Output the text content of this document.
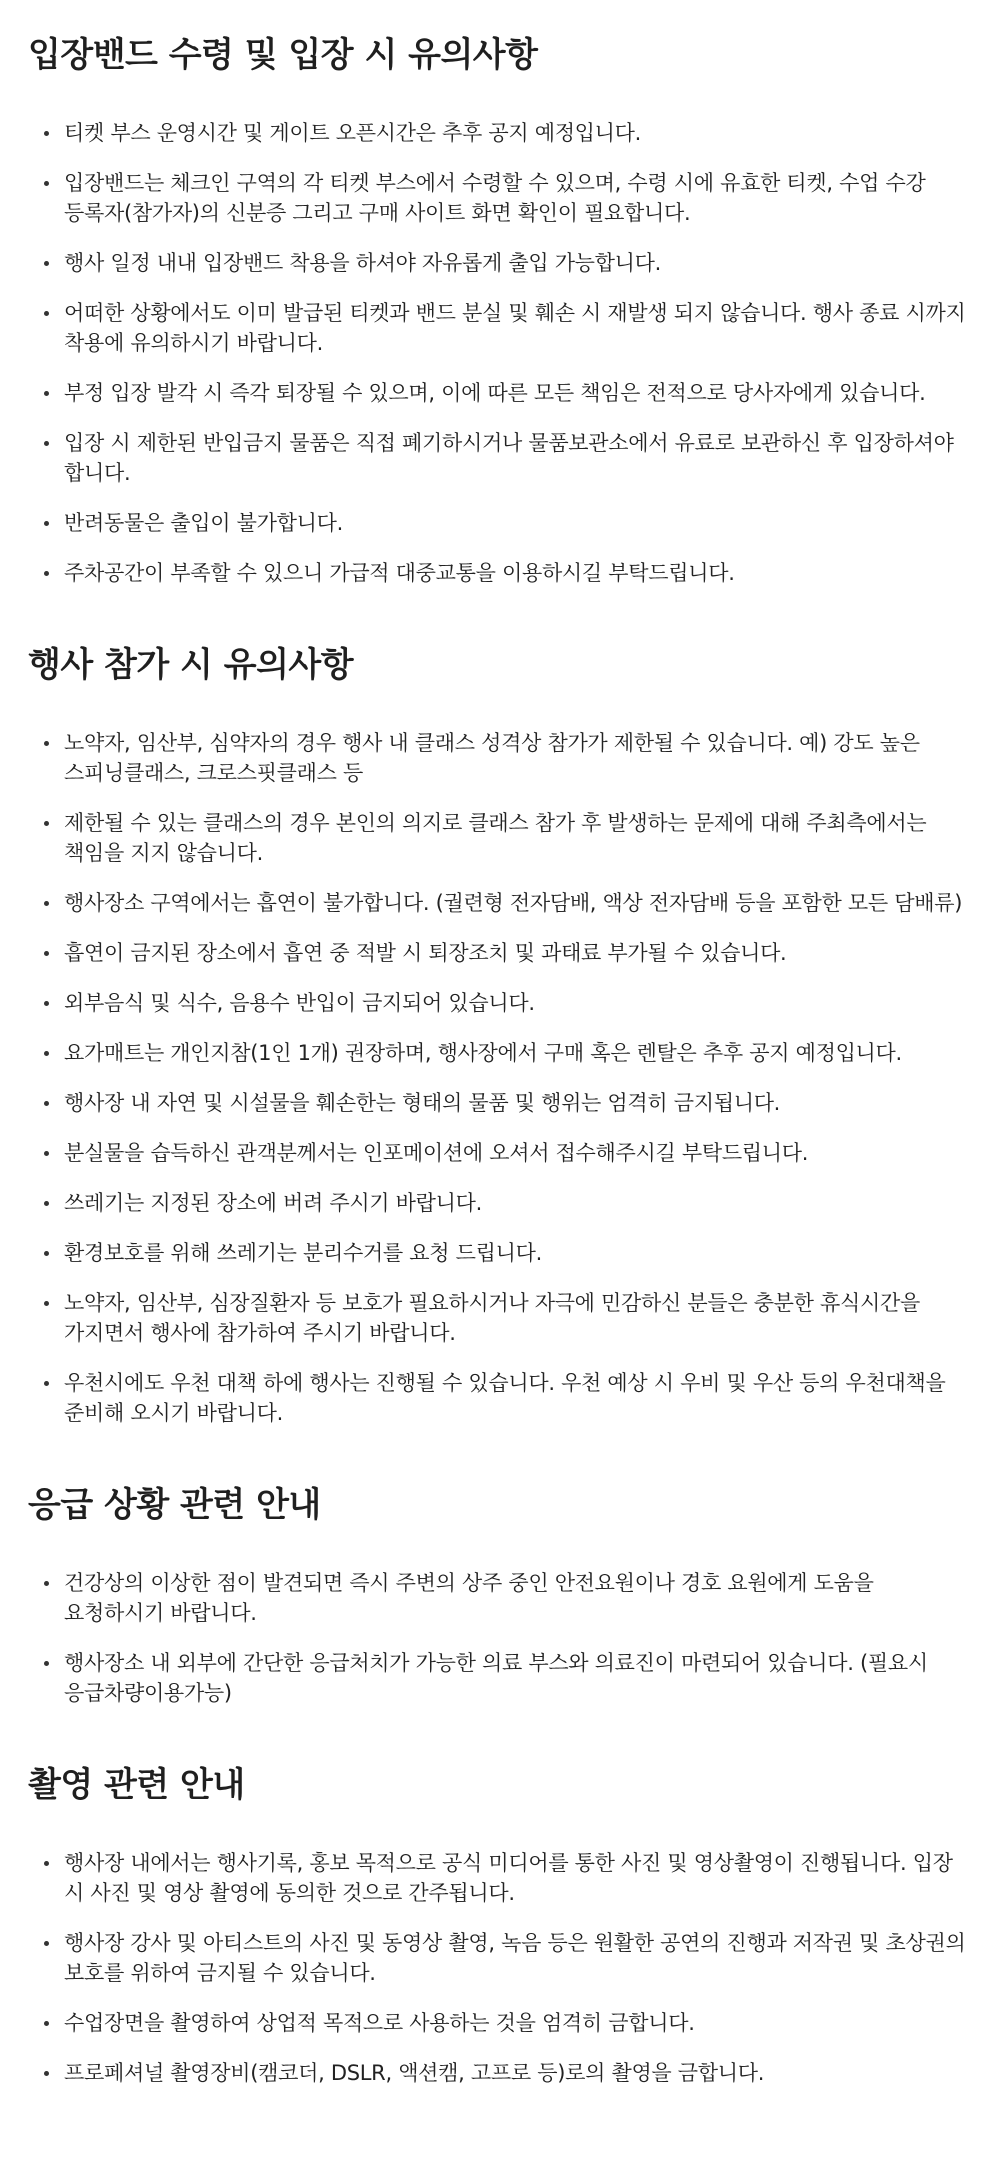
입장밴드 수령 및 입장 시 유의사항
티켓 부스 운영시간 및 게이트 오픈시간은 추후 공지 예정입니다.
입장밴드는 체크인 구역의 각 티켓 부스에서 수령할 수 있으며, 수령 시에 유효한 티켓, 수업 수강 등록자(참가자)의 신분증 그리고 구매 사이트 화면 확인이 필요합니다.
행사 일정 내내 입장밴드 착용을 하셔야 자유롭게 출입 가능합니다.
어떠한 상황에서도 이미 발급된 티켓과 밴드 분실 및 훼손 시 재발생 되지 않습니다. 행사 종료 시까지 착용에 유의하시기 바랍니다.
부정 입장 발각 시 즉각 퇴장될 수 있으며, 이에 따른 모든 책임은 전적으로 당사자에게 있습니다.
입장 시 제한된 반입금지 물품은 직접 폐기하시거나 물품보관소에서 유료로 보관하신 후 입장하셔야 합니다.
반려동물은 출입이 불가합니다.
주차공간이 부족할 수 있으니 가급적 대중교통을 이용하시길 부탁드립니다.
행사 참가 시 유의사항
노약자, 임산부, 심약자의 경우 행사 내 클래스 성격상 참가가 제한될 수 있습니다. 예) 강도 높은 스피닝클래스, 크로스핏클래스 등
제한될 수 있는 클래스의 경우 본인의 의지로 클래스 참가 후 발생하는 문제에 대해 주최측에서는 책임을 지지 않습니다.
행사장소 구역에서는 흡연이 불가합니다. (궐련형 전자담배, 액상 전자담배 등을 포함한 모든 담배류)
흡연이 금지된 장소에서 흡연 중 적발 시 퇴장조치 및 과태료 부가될 수 있습니다.
외부음식 및 식수, 음용수 반입이 금지되어 있습니다.
요가매트는 개인지참(1인 1개) 권장하며, 행사장에서 구매 혹은 렌탈은 추후 공지 예정입니다.
행사장 내 자연 및 시설물을 훼손한는 형태의 물품 및 행위는 엄격히 금지됩니다.
분실물을 습득하신 관객분께서는 인포메이션에 오셔서 접수해주시길 부탁드립니다.
쓰레기는 지정된 장소에 버려 주시기 바랍니다.
환경보호를 위해 쓰레기는 분리수거를 요청 드립니다.
노약자, 임산부, 심장질환자 등 보호가 필요하시거나 자극에 민감하신 분들은 충분한 휴식시간을 가지면서 행사에 참가하여 주시기 바랍니다.
우천시에도 우천 대책 하에 행사는 진행될 수 있습니다. 우천 예상 시 우비 및 우산 등의 우천대책을 준비해 오시기 바랍니다.
응급 상황 관련 안내
건강상의 이상한 점이 발견되면 즉시 주변의 상주 중인 안전요원이나 경호 요원에게 도움을 요청하시기 바랍니다.
행사장소 내 외부에 간단한 응급처치가 가능한 의료 부스와 의료진이 마련되어 있습니다. (필요시 응급차량이용가능)
촬영 관련 안내
행사장 내에서는 행사기록, 홍보 목적으로 공식 미디어를 통한 사진 및 영상촬영이 진행됩니다. 입장 시 사진 및 영상 촬영에 동의한 것으로 간주됩니다.
행사장 강사 및 아티스트의 사진 및 동영상 촬영, 녹음 등은 원활한 공연의 진행과 저작권 및 초상권의 보호를 위하여 금지될 수 있습니다.
수업장면을 촬영하여 상업적 목적으로 사용하는 것을 엄격히 금합니다.
프로페셔널 촬영장비(캠코더, DSLR, 액션캠, 고프로 등)로의 촬영을 금합니다.
